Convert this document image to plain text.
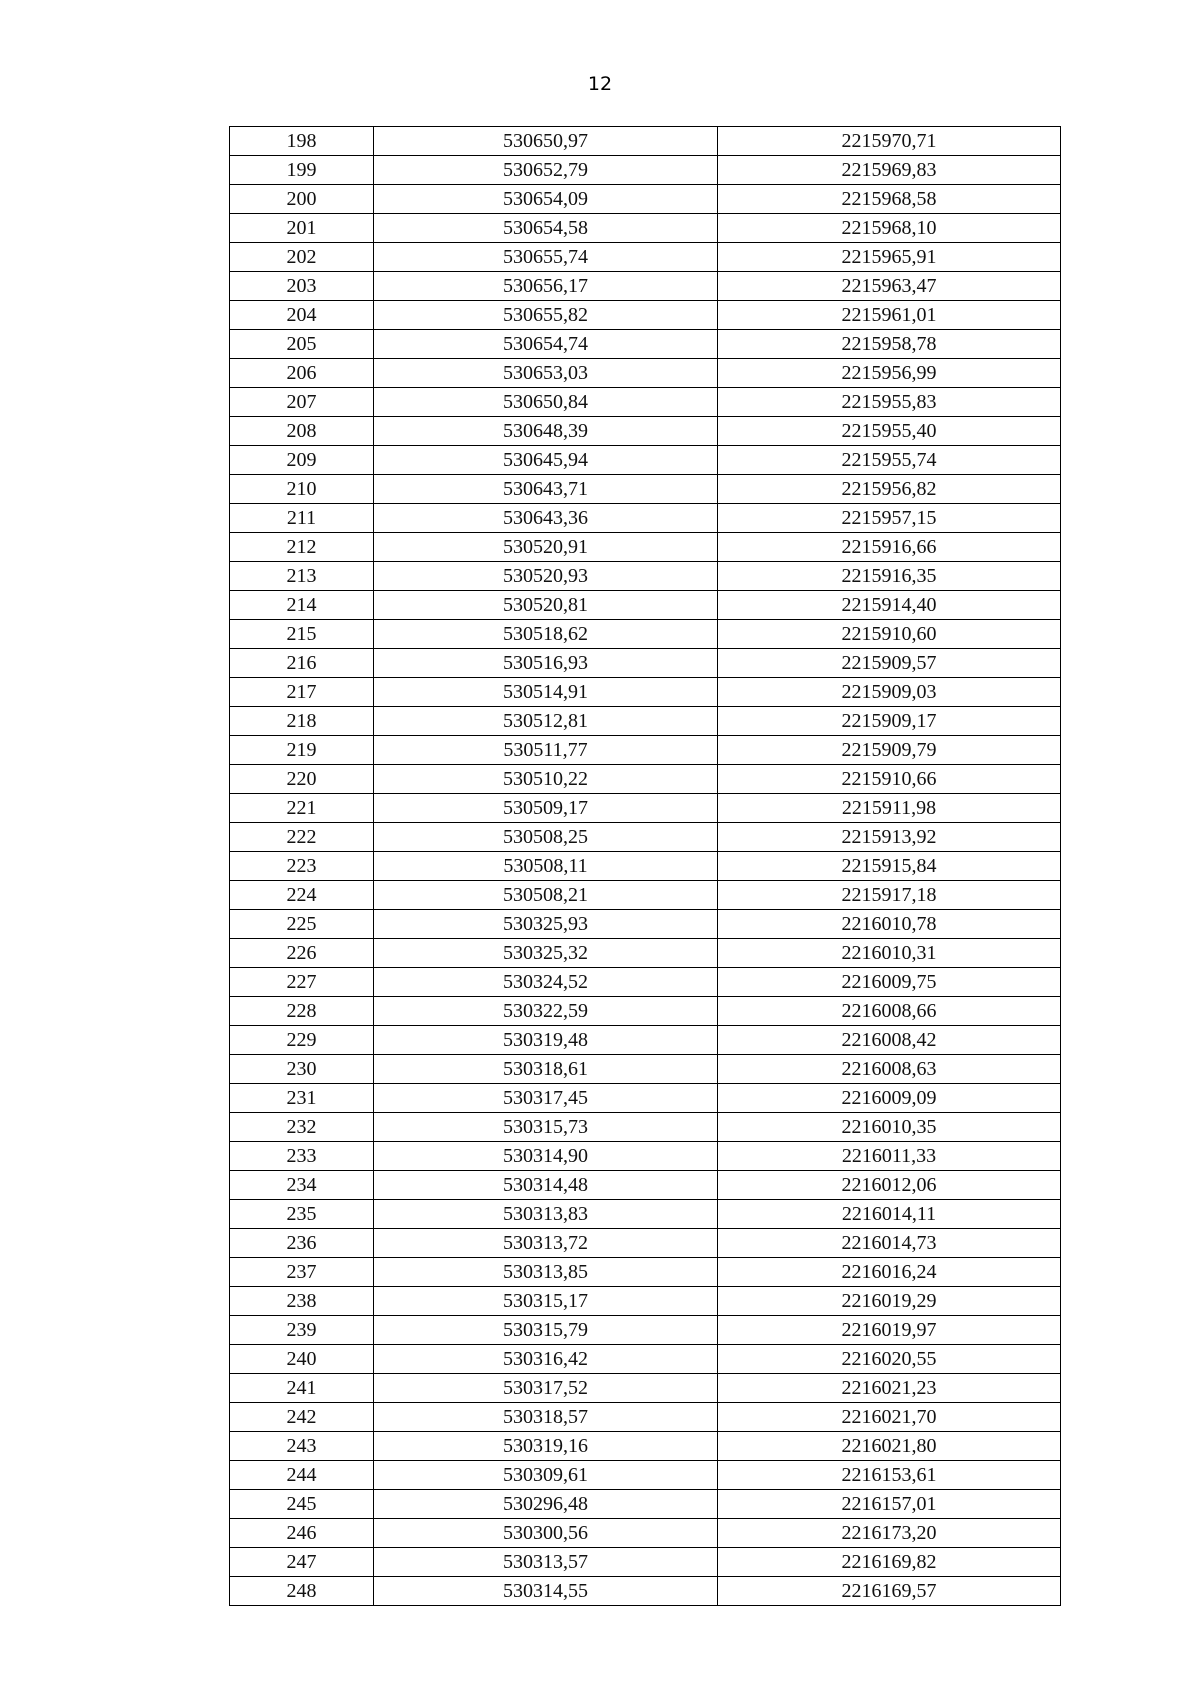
12
198	530650,97	2215970,71
199	530652,79	2215969,83
200	530654,09	2215968,58
201	530654,58	2215968,10
202	530655,74	2215965,91
203	530656,17	2215963,47
204	530655,82	2215961,01
205	530654,74	2215958,78
206	530653,03	2215956,99
207	530650,84	2215955,83
208	530648,39	2215955,40
209	530645,94	2215955,74
210	530643,71	2215956,82
211	530643,36	2215957,15
212	530520,91	2215916,66
213	530520,93	2215916,35
214	530520,81	2215914,40
215	530518,62	2215910,60
216	530516,93	2215909,57
217	530514,91	2215909,03
218	530512,81	2215909,17
219	530511,77	2215909,79
220	530510,22	2215910,66
221	530509,17	2215911,98
222	530508,25	2215913,92
223	530508,11	2215915,84
224	530508,21	2215917,18
225	530325,93	2216010,78
226	530325,32	2216010,31
227	530324,52	2216009,75
228	530322,59	2216008,66
229	530319,48	2216008,42
230	530318,61	2216008,63
231	530317,45	2216009,09
232	530315,73	2216010,35
233	530314,90	2216011,33
234	530314,48	2216012,06
235	530313,83	2216014,11
236	530313,72	2216014,73
237	530313,85	2216016,24
238	530315,17	2216019,29
239	530315,79	2216019,97
240	530316,42	2216020,55
241	530317,52	2216021,23
242	530318,57	2216021,70
243	530319,16	2216021,80
244	530309,61	2216153,61
245	530296,48	2216157,01
246	530300,56	2216173,20
247	530313,57	2216169,82
248	530314,55	2216169,57
